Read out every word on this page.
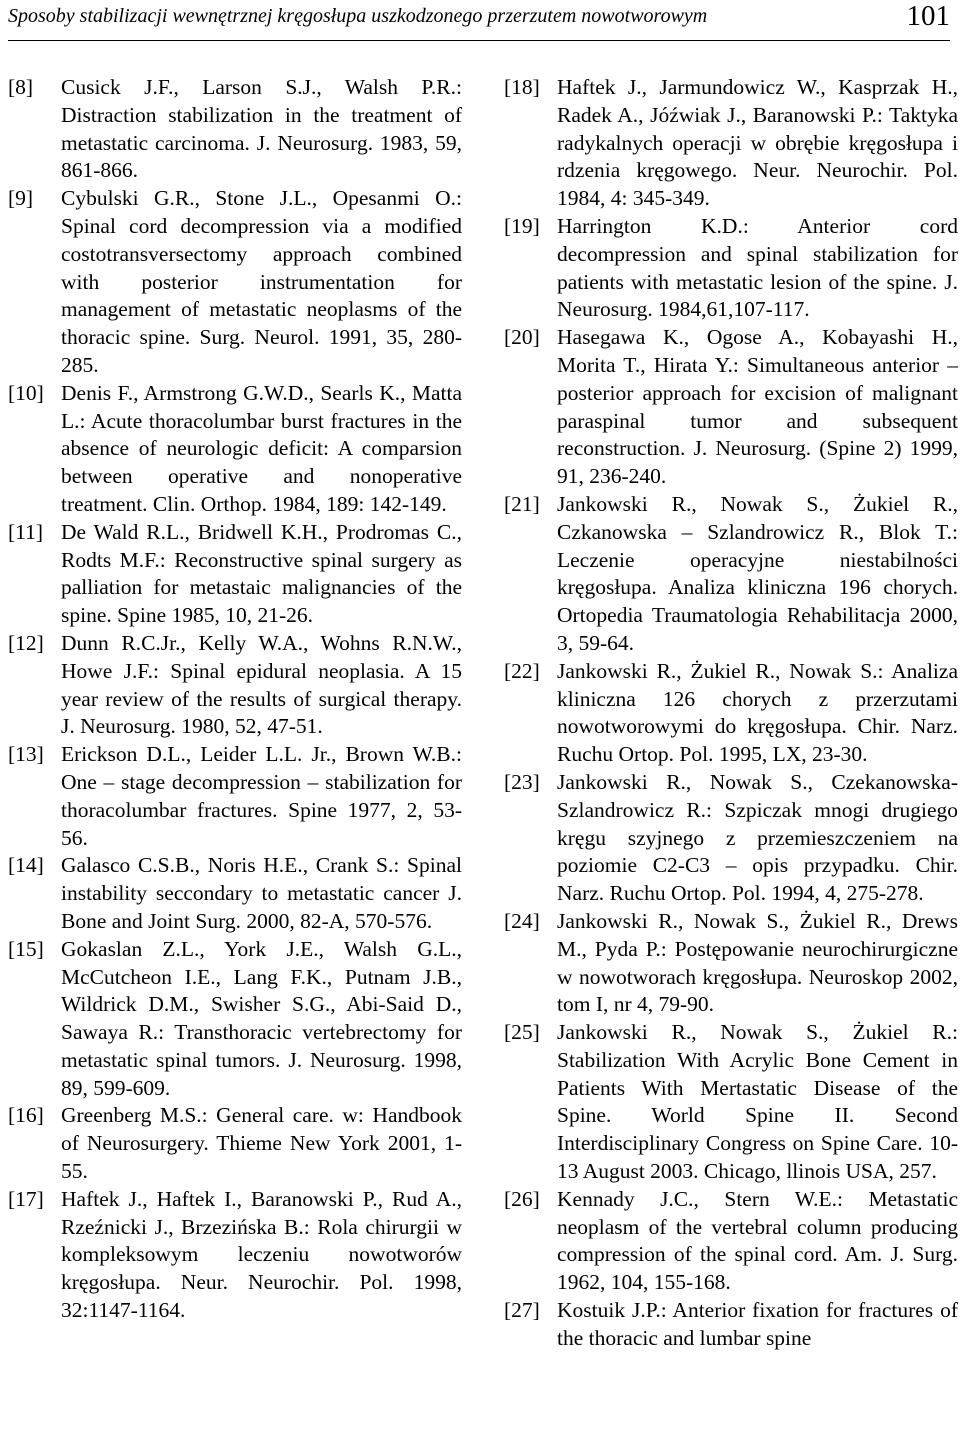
Sposoby stabilizacji wewnętrznej kręgosłupa uszkodzonego przerzutem nowotworowym	101
[8] Cusick J.F., Larson S.J., Walsh P.R.: Distraction stabilization in the treatment of metastatic carcinoma. J. Neurosurg. 1983, 59, 861-866.
[9] Cybulski G.R., Stone J.L., Opesanmi O.: Spinal cord decompression via a modified costotransversectomy approach combined with posterior instrumentation for management of metastatic neoplasms of the thoracic spine. Surg. Neurol. 1991, 35, 280-285.
[10] Denis F., Armstrong G.W.D., Searls K., Matta L.: Acute thoracolumbar burst fractures in the absence of neurologic deficit: A comparsion between operative and nonoperative treatment. Clin. Orthop. 1984, 189: 142-149.
[11] De Wald R.L., Bridwell K.H., Prodromas C., Rodts M.F.: Reconstructive spinal surgery as palliation for metastaic malignancies of the spine. Spine 1985, 10, 21-26.
[12] Dunn R.C.Jr., Kelly W.A., Wohns R.N.W., Howe J.F.: Spinal epidural neoplasia. A 15 year review of the results of surgical therapy. J. Neurosurg. 1980, 52, 47-51.
[13] Erickson D.L., Leider L.L. Jr., Brown W.B.: One – stage decompression – stabilization for thoracolumbar fractures. Spine 1977, 2, 53-56.
[14] Galasco C.S.B., Noris H.E., Crank S.: Spinal instability seccondary to metastatic cancer J. Bone and Joint Surg. 2000, 82-A, 570-576.
[15] Gokaslan Z.L., York J.E., Walsh G.L., McCutcheon I.E., Lang F.K., Putnam J.B., Wildrick D.M., Swisher S.G., Abi-Said D., Sawaya R.: Transthoracic vertebrectomy for metastatic spinal tumors. J. Neurosurg. 1998, 89, 599-609.
[16] Greenberg M.S.: General care. w: Handbook of Neurosurgery. Thieme New York 2001, 1-55.
[17] Haftek J., Haftek I., Baranowski P., Rud A., Rzeźnicki J., Brzezińska B.: Rola chirurgii w kompleksowym leczeniu nowotworów kręgosłupa. Neur. Neurochir. Pol. 1998, 32:1147-1164.
[18] Haftek J., Jarmundowicz W., Kasprzak H., Radek A., Jóźwiak J., Baranowski P.: Taktyka radykalnych operacji w obrębie kręgosłupa i rdzenia kręgowego. Neur. Neurochir. Pol. 1984, 4: 345-349.
[19] Harrington K.D.: Anterior cord decompression and spinal stabilization for patients with metastatic lesion of the spine. J. Neurosurg. 1984,61,107-117.
[20] Hasegawa K., Ogose A., Kobayashi H., Morita T., Hirata Y.: Simultaneous anterior – posterior approach for excision of malignant paraspinal tumor and subsequent reconstruction. J. Neurosurg. (Spine 2) 1999, 91, 236-240.
[21] Jankowski R., Nowak S., Żukiel R., Czkanowska – Szlandrowicz R., Blok T.: Leczenie operacyjne niestabilności kręgosłupa. Analiza kliniczna 196 chorych. Ortopedia Traumatologia Rehabilitacja 2000, 3, 59-64.
[22] Jankowski R., Żukiel R., Nowak S.: Analiza kliniczna 126 chorych z przerzutami nowotworowymi do kręgosłupa. Chir. Narz. Ruchu Ortop. Pol. 1995, LX, 23-30.
[23] Jankowski R., Nowak S., Czekanowska-Szlandrowicz R.: Szpiczak mnogi drugiego kręgu szyjnego z przemieszczeniem na poziomie C2-C3 – opis przypadku. Chir. Narz. Ruchu Ortop. Pol. 1994, 4, 275-278.
[24] Jankowski R., Nowak S., Żukiel R., Drews M., Pyda P.: Postępowanie neurochirurgiczne w nowotworach kręgosłupa. Neuroskop 2002, tom I, nr 4, 79-90.
[25] Jankowski R., Nowak S., Żukiel R.: Stabilization With Acrylic Bone Cement in Patients With Mertastatic Disease of the Spine. World Spine II. Second Interdisciplinary Congress on Spine Care. 10-13 August 2003. Chicago, llinois USA, 257.
[26] Kennady J.C., Stern W.E.: Metastatic neoplasm of the vertebral column producing compression of the spinal cord. Am. J. Surg. 1962, 104, 155-168.
[27] Kostuik J.P.: Anterior fixation for fractures of the thoracic and lumbar spine
